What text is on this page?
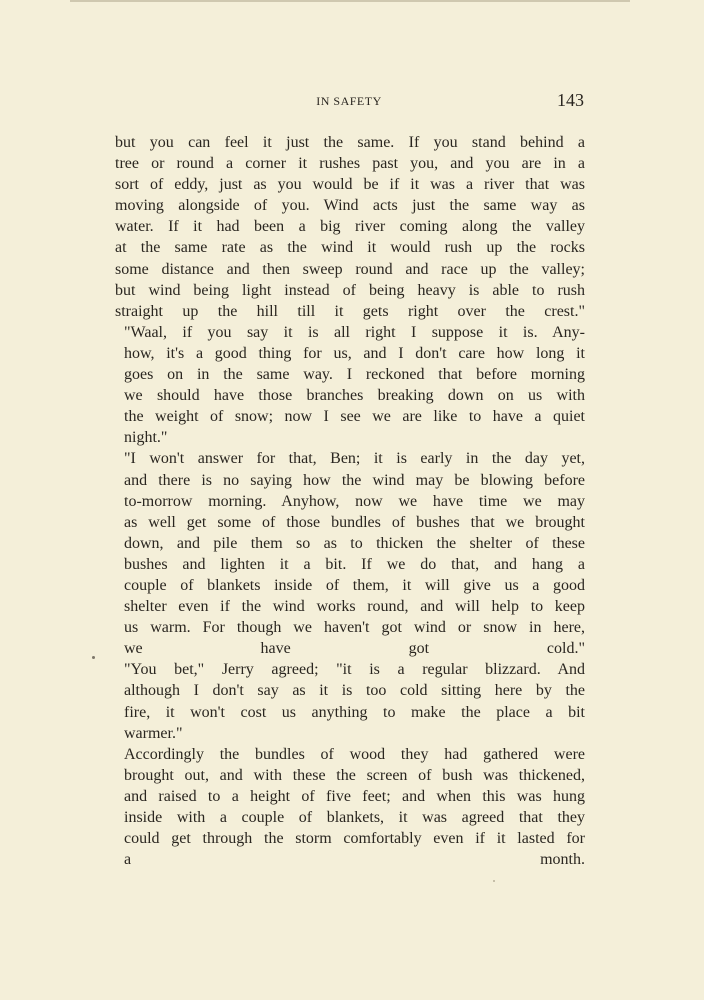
IN SAFETY	143

but you can feel it just the same. If you stand behind a
tree or round a corner it rushes past you, and you are in a
sort of eddy, just as you would be if it was a river that was
moving alongside of you. Wind acts just the same way as
water. If it had been a big river coming along the valley
at the same rate as the wind it would rush up the rocks
some distance and then sweep round and race up the valley;
but wind being light instead of being heavy is able to rush
straight up the hill till it gets right over the crest."

"Waal, if you say it is all right I suppose it is. Any-
how, it's a good thing for us, and I don't care how long it
goes on in the same way. I reckoned that before morning
we should have those branches breaking down on us with
the weight of snow; now I see we are like to have a quiet
night."

"I won't answer for that, Ben; it is early in the day yet,
and there is no saying how the wind may be blowing before
to-morrow morning. Anyhow, now we have time we may
as well get some of those bundles of bushes that we brought
down, and pile them so as to thicken the shelter of these
bushes and lighten it a bit. If we do that, and hang a
couple of blankets inside of them, it will give us a good
shelter even if the wind works round, and will help to keep
us warm. For though we haven't got wind or snow in here,
we have got cold."

"You bet," Jerry agreed; "it is a regular blizzard. And
although I don't say as it is too cold sitting here by the
fire, it won't cost us anything to make the place a bit
warmer."

Accordingly the bundles of wood they had gathered were
brought out, and with these the screen of bush was thickened,
and raised to a height of five feet; and when this was hung
inside with a couple of blankets, it was agreed that they
could get through the storm comfortably even if it lasted for
a month.
